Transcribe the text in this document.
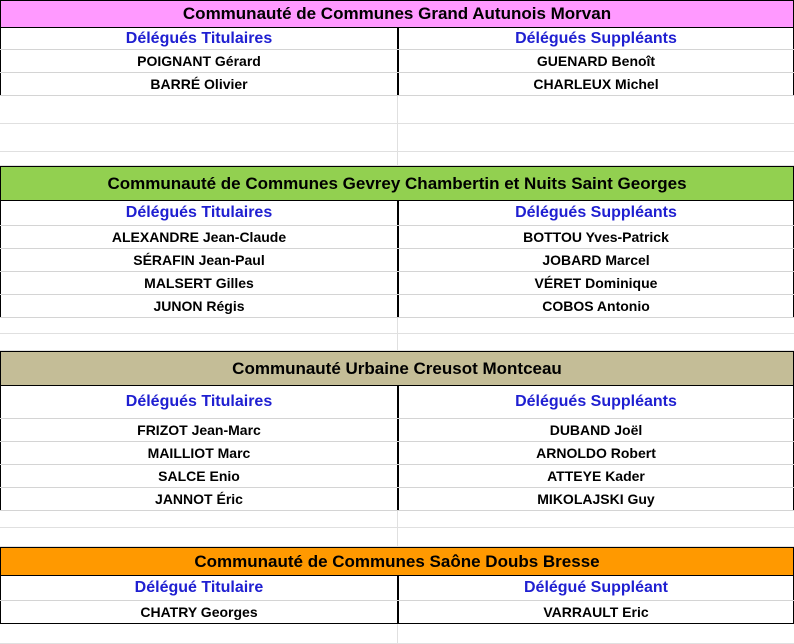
Communauté de Communes Grand Autunois Morvan
Délégués Titulaires	Délégués Suppléants
POIGNANT Gérard	GUENARD Benoît
BARRÉ Olivier	CHARLEUX Michel
Communauté de Communes Gevrey Chambertin et Nuits Saint Georges
Délégués Titulaires	Délégués Suppléants
ALEXANDRE Jean-Claude	BOTTOU Yves-Patrick
SÉRAFIN Jean-Paul	JOBARD Marcel
MALSERT Gilles	VÉRET Dominique
JUNON Régis	COBOS Antonio
Communauté Urbaine Creusot Montceau
Délégués Titulaires	Délégués Suppléants
FRIZOT Jean-Marc	DUBAND Joël
MAILLIOT Marc	ARNOLDO Robert
SALCE Enio	ATTEYE Kader
JANNOT Éric	MIKOLAJSKI Guy
Communauté de Communes Saône Doubs Bresse
Délégué Titulaire	Délégué Suppléant
CHATRY Georges	VARRAULT Eric
